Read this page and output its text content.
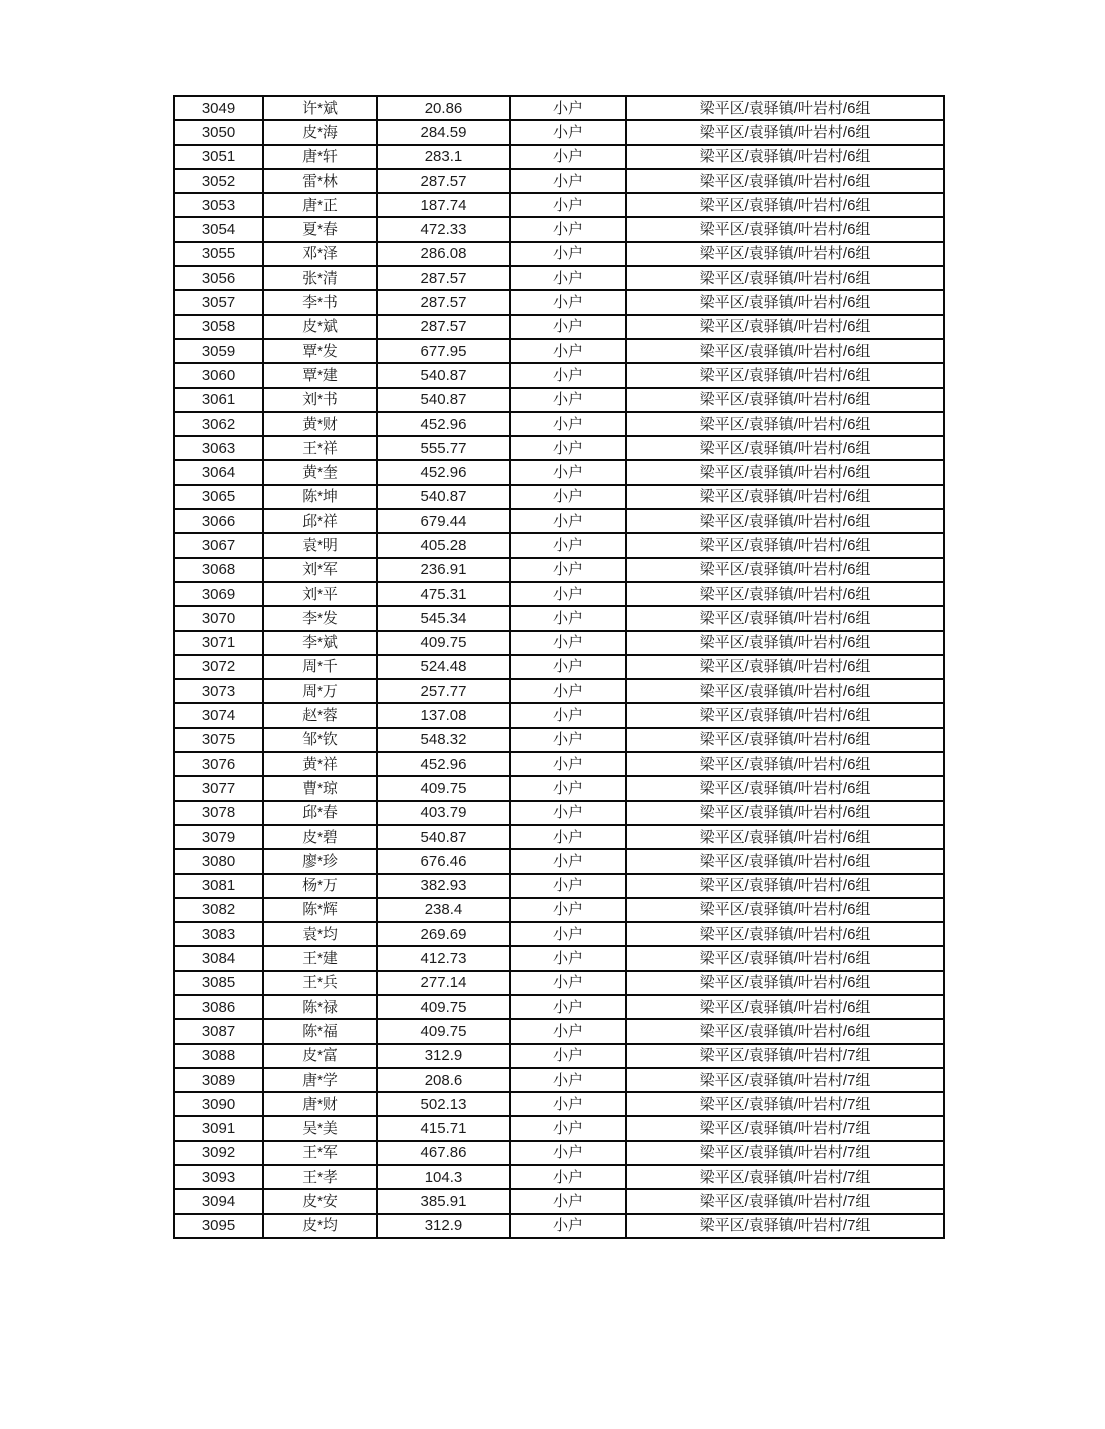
3049	许*斌	20.86	小户	梁平区/袁驿镇/叶岩村/6组
3050	皮*海	284.59	小户	梁平区/袁驿镇/叶岩村/6组
3051	唐*轩	283.1	小户	梁平区/袁驿镇/叶岩村/6组
3052	雷*林	287.57	小户	梁平区/袁驿镇/叶岩村/6组
3053	唐*正	187.74	小户	梁平区/袁驿镇/叶岩村/6组
3054	夏*春	472.33	小户	梁平区/袁驿镇/叶岩村/6组
3055	邓*泽	286.08	小户	梁平区/袁驿镇/叶岩村/6组
3056	张*清	287.57	小户	梁平区/袁驿镇/叶岩村/6组
3057	李*书	287.57	小户	梁平区/袁驿镇/叶岩村/6组
3058	皮*斌	287.57	小户	梁平区/袁驿镇/叶岩村/6组
3059	覃*发	677.95	小户	梁平区/袁驿镇/叶岩村/6组
3060	覃*建	540.87	小户	梁平区/袁驿镇/叶岩村/6组
3061	刘*书	540.87	小户	梁平区/袁驿镇/叶岩村/6组
3062	黄*财	452.96	小户	梁平区/袁驿镇/叶岩村/6组
3063	王*祥	555.77	小户	梁平区/袁驿镇/叶岩村/6组
3064	黄*奎	452.96	小户	梁平区/袁驿镇/叶岩村/6组
3065	陈*坤	540.87	小户	梁平区/袁驿镇/叶岩村/6组
3066	邱*祥	679.44	小户	梁平区/袁驿镇/叶岩村/6组
3067	袁*明	405.28	小户	梁平区/袁驿镇/叶岩村/6组
3068	刘*军	236.91	小户	梁平区/袁驿镇/叶岩村/6组
3069	刘*平	475.31	小户	梁平区/袁驿镇/叶岩村/6组
3070	李*发	545.34	小户	梁平区/袁驿镇/叶岩村/6组
3071	李*斌	409.75	小户	梁平区/袁驿镇/叶岩村/6组
3072	周*千	524.48	小户	梁平区/袁驿镇/叶岩村/6组
3073	周*万	257.77	小户	梁平区/袁驿镇/叶岩村/6组
3074	赵*蓉	137.08	小户	梁平区/袁驿镇/叶岩村/6组
3075	邹*钦	548.32	小户	梁平区/袁驿镇/叶岩村/6组
3076	黄*祥	452.96	小户	梁平区/袁驿镇/叶岩村/6组
3077	曹*琼	409.75	小户	梁平区/袁驿镇/叶岩村/6组
3078	邱*春	403.79	小户	梁平区/袁驿镇/叶岩村/6组
3079	皮*碧	540.87	小户	梁平区/袁驿镇/叶岩村/6组
3080	廖*珍	676.46	小户	梁平区/袁驿镇/叶岩村/6组
3081	杨*万	382.93	小户	梁平区/袁驿镇/叶岩村/6组
3082	陈*辉	238.4	小户	梁平区/袁驿镇/叶岩村/6组
3083	袁*均	269.69	小户	梁平区/袁驿镇/叶岩村/6组
3084	王*建	412.73	小户	梁平区/袁驿镇/叶岩村/6组
3085	王*兵	277.14	小户	梁平区/袁驿镇/叶岩村/6组
3086	陈*禄	409.75	小户	梁平区/袁驿镇/叶岩村/6组
3087	陈*福	409.75	小户	梁平区/袁驿镇/叶岩村/6组
3088	皮*富	312.9	小户	梁平区/袁驿镇/叶岩村/7组
3089	唐*学	208.6	小户	梁平区/袁驿镇/叶岩村/7组
3090	唐*财	502.13	小户	梁平区/袁驿镇/叶岩村/7组
3091	吴*美	415.71	小户	梁平区/袁驿镇/叶岩村/7组
3092	王*军	467.86	小户	梁平区/袁驿镇/叶岩村/7组
3093	王*孝	104.3	小户	梁平区/袁驿镇/叶岩村/7组
3094	皮*安	385.91	小户	梁平区/袁驿镇/叶岩村/7组
3095	皮*均	312.9	小户	梁平区/袁驿镇/叶岩村/7组
